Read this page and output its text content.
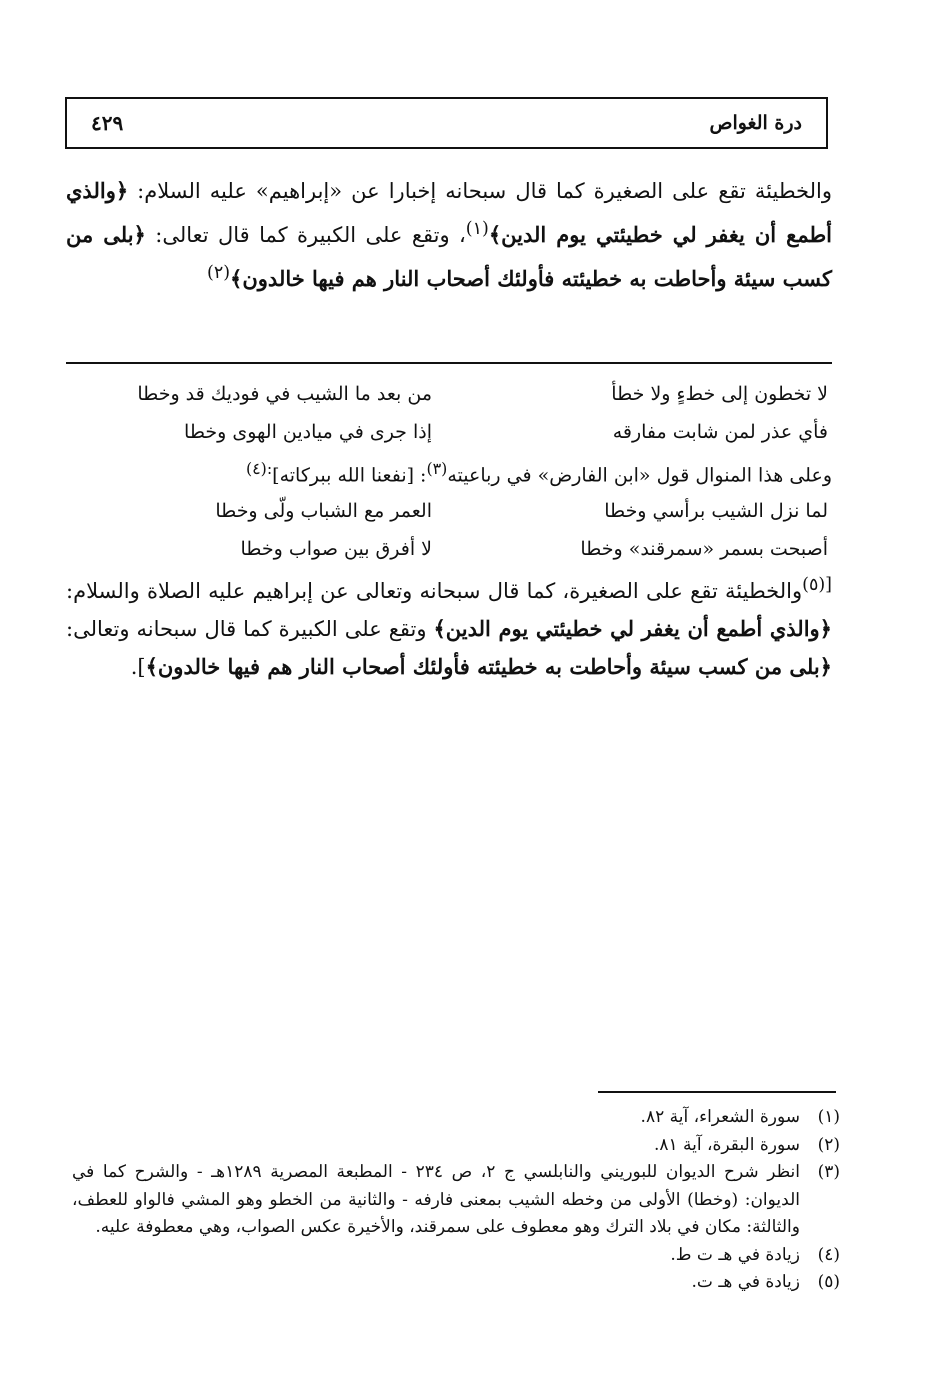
درة الغواص
٤٢٩
والخطيئة تقع على الصغيرة كما قال سبحانه إخبارا عن «إبراهيم» عليه السلام: ﴿والذي أطمع أن يغفر لي خطيئتي يوم الدين﴾$^{(١)}$، وتقع على الكبيرة كما قال تعالى: ﴿بلى من كسب سيئة وأحاطت به خطيئته فأولئك أصحاب النار هم فيها خالدون﴾$^{(٢)}$
لا تخطون إلى خطءٍ ولا خطأ
من بعد ما الشيب في فوديك قد وخطا
فأي عذر لمن شابت مفارقه
إذا جرى في ميادين الهوى وخطا
وعلى هذا المنوال قول «ابن الفارض» في رباعيته$^{(٣)}$: [نفعنا الله ببركاته]$^{:(٤)}$
لما نزل الشيب برأسي وخطا
العمر مع الشباب ولّى وخطا
أصبحت بسمر «سمرقند» وخطا
لا أفرق بين صواب وخطا
$^{[(٥)}$والخطيئة تقع على الصغيرة، كما قال سبحانه وتعالى عن إبراهيم عليه الصلاة والسلام: ﴿والذي أطمع أن يغفر لي خطيئتي يوم الدين﴾ وتقع على الكبيرة كما قال سبحانه وتعالى: ﴿بلى من كسب سيئة وأحاطت به خطيئته فأولئك أصحاب النار هم فيها خالدون﴾].
(١)
سورة الشعراء، آية ٨٢.
(٢)
سورة البقرة، آية ٨١.
(٣)
انظر شرح الديوان للبوريني والنابلسي ج ٢، ص ٢٣٤ - المطبعة المصرية ١٢٨٩هـ - والشرح كما في الديوان: (وخطا) الأولى من وخطه الشيب بمعنى فارفه - والثانية من الخطو وهو المشي فالواو للعطف، والثالثة: مكان في بلاد الترك وهو معطوف على سمرقند، والأخيرة عكس الصواب، وهي معطوفة عليه.
(٤)
زيادة في هـ ت ط.
(٥)
زيادة في هـ ت.
